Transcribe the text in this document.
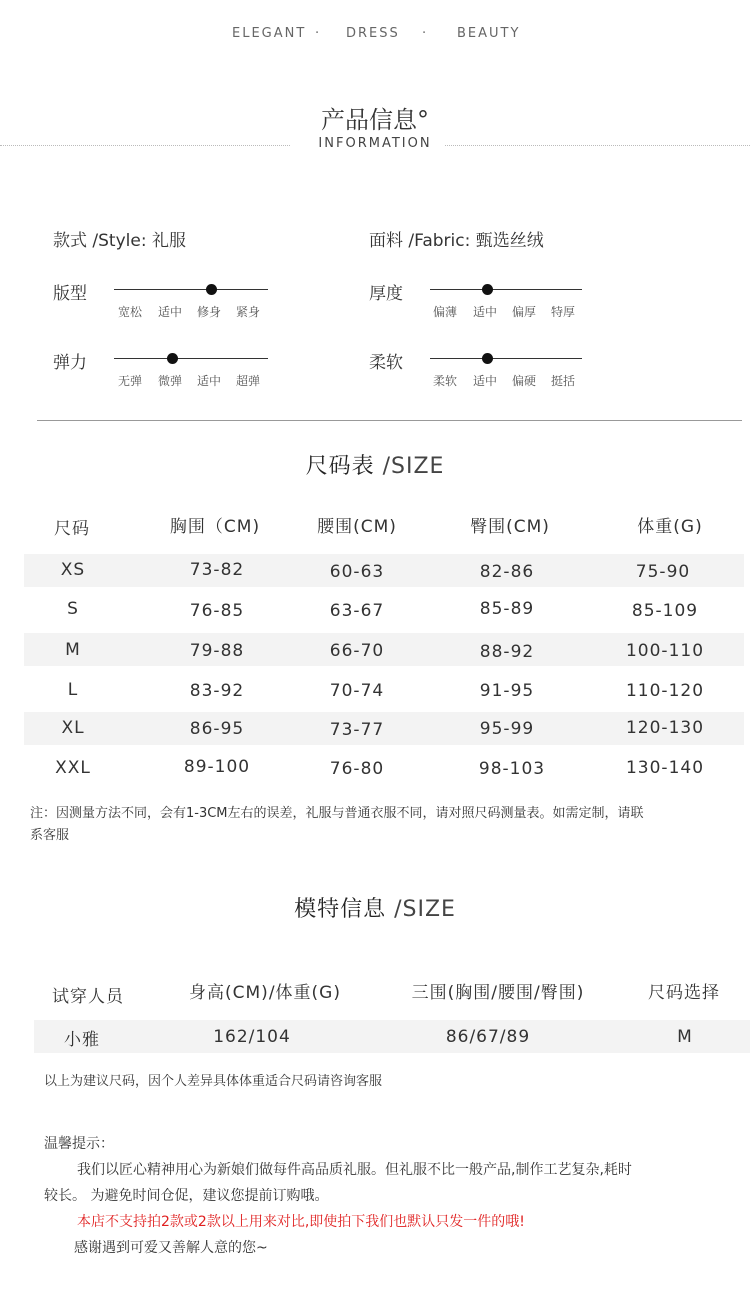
ELEGANT · DRESS · BEAUTY
产品信息°
INFORMATION
款式 /Style: 礼服	面料 /Fabric: 甄选丝绒
版型
宽松 适中 修身 紧身
厚度
偏薄 适中 偏厚 特厚
弹力
无弹 微弹 适中 超弹
柔软
柔软 适中 偏硬 挺括
尺码表 /SIZE
尺码	胸围（CM)	腰围(CM)	臀围(CM)	体重(G)
XS	73-82	60-63	82-86	75-90
S	76-85	63-67	85-89	85-109
M	79-88	66-70	88-92	100-110
L	83-92	70-74	91-95	110-120
XL	86-95	73-77	95-99	120-130
XXL	89-100	76-80	98-103	130-140
注：因测量方法不同，会有1-3CM左右的误差，礼服与普通衣服不同，请对照尺码测量表。如需定制，请联
系客服
模特信息 /SIZE
试穿人员	身高(CM)/体重(G)	三围(胸围/腰围/臀围)	尺码选择
小雅	162/104	86/67/89	M
以上为建议尺码，因个人差异具体体重适合尺码请咨询客服
温馨提示：
我们以匠心精神用心为新娘们做每件高品质礼服。但礼服不比一般产品,制作工艺复杂,耗时
较长。 为避免时间仓促，建议您提前订购哦。
本店不支持拍2款或2款以上用来对比,即使拍下我们也默认只发一件的哦!
感谢遇到可爱又善解人意的您~
